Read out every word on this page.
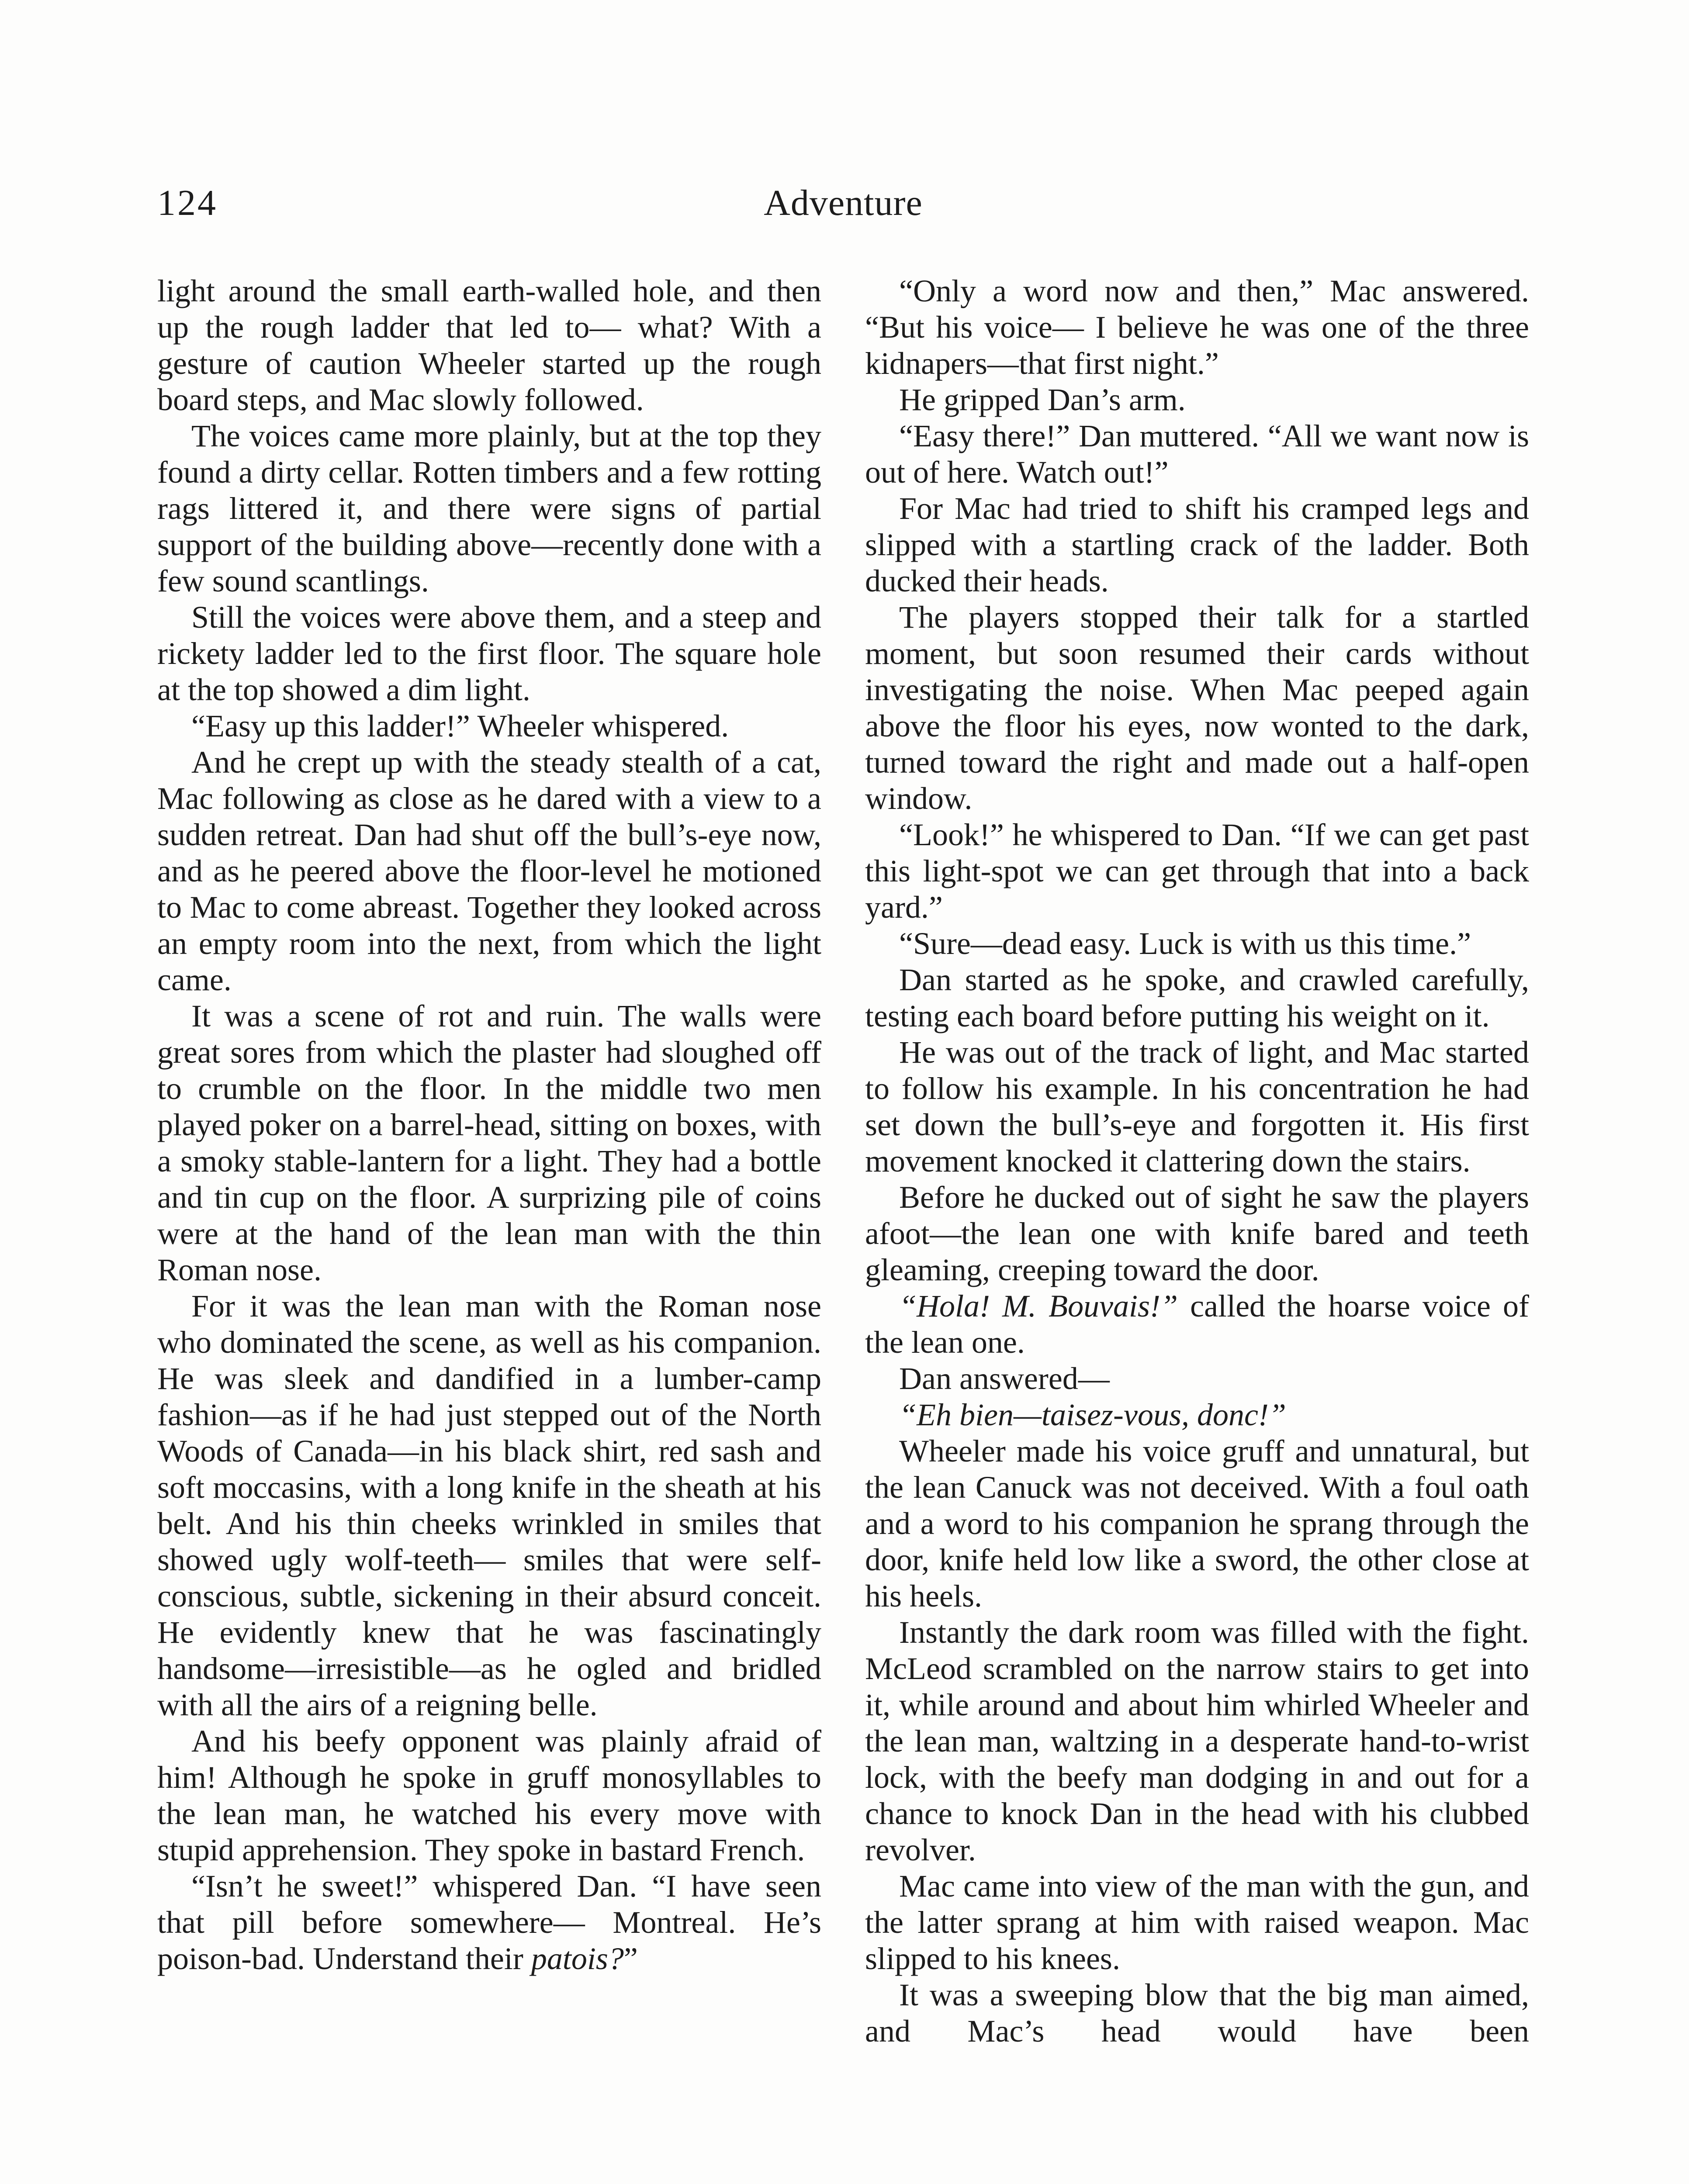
124	Adventure

light around the small earth-walled hole, and then up the rough ladder that led to— what? With a gesture of caution Wheeler started up the rough board steps, and Mac slowly followed.

The voices came more plainly, but at the top they found a dirty cellar. Rotten timbers and a few rotting rags littered it, and there were signs of partial support of the building above—recently done with a few sound scantlings.

Still the voices were above them, and a steep and rickety ladder led to the first floor. The square hole at the top showed a dim light.

“Easy up this ladder!” Wheeler whispered.

And he crept up with the steady stealth of a cat, Mac following as close as he dared with a view to a sudden retreat. Dan had shut off the bull’s-eye now, and as he peered above the floor-level he motioned to Mac to come abreast. Together they looked across an empty room into the next, from which the light came.

It was a scene of rot and ruin. The walls were great sores from which the plaster had sloughed off to crumble on the floor. In the middle two men played poker on a barrel-head, sitting on boxes, with a smoky stable-lantern for a light. They had a bottle and tin cup on the floor. A surprizing pile of coins were at the hand of the lean man with the thin Roman nose.

For it was the lean man with the Roman nose who dominated the scene, as well as his companion. He was sleek and dandified in a lumber-camp fashion—as if he had just stepped out of the North Woods of Canada—in his black shirt, red sash and soft moccasins, with a long knife in the sheath at his belt. And his thin cheeks wrinkled in smiles that showed ugly wolf-teeth— smiles that were self-conscious, subtle, sickening in their absurd conceit. He evidently knew that he was fascinatingly handsome—irresistible—as he ogled and bridled with all the airs of a reigning belle.

And his beefy opponent was plainly afraid of him! Although he spoke in gruff monosyllables to the lean man, he watched his every move with stupid apprehension. They spoke in bastard French.

“Isn’t he sweet!” whispered Dan. “I have seen that pill before somewhere— Montreal. He’s poison-bad. Understand their patois?”

“Only a word now and then,” Mac answered. “But his voice— I believe he was one of the three kidnapers—that first night.”

He gripped Dan’s arm.

“Easy there!” Dan muttered. “All we want now is out of here. Watch out!”

For Mac had tried to shift his cramped legs and slipped with a startling crack of the ladder. Both ducked their heads.

The players stopped their talk for a startled moment, but soon resumed their cards without investigating the noise. When Mac peeped again above the floor his eyes, now wonted to the dark, turned toward the right and made out a half-open window.

“Look!” he whispered to Dan. “If we can get past this light-spot we can get through that into a back yard.”

“Sure—dead easy. Luck is with us this time.”

Dan started as he spoke, and crawled carefully, testing each board before putting his weight on it.

He was out of the track of light, and Mac started to follow his example. In his concentration he had set down the bull’s-eye and forgotten it. His first movement knocked it clattering down the stairs.

Before he ducked out of sight he saw the players afoot—the lean one with knife bared and teeth gleaming, creeping toward the door.

“Hola! M. Bouvais!” called the hoarse voice of the lean one.

Dan answered—

“Eh bien—taisez-vous, donc!”

Wheeler made his voice gruff and unnatural, but the lean Canuck was not deceived. With a foul oath and a word to his companion he sprang through the door, knife held low like a sword, the other close at his heels.

Instantly the dark room was filled with the fight. McLeod scrambled on the narrow stairs to get into it, while around and about him whirled Wheeler and the lean man, waltzing in a desperate hand-to-wrist lock, with the beefy man dodging in and out for a chance to knock Dan in the head with his clubbed revolver.

Mac came into view of the man with the gun, and the latter sprang at him with raised weapon. Mac slipped to his knees.

It was a sweeping blow that the big man aimed, and Mac’s head would have been
